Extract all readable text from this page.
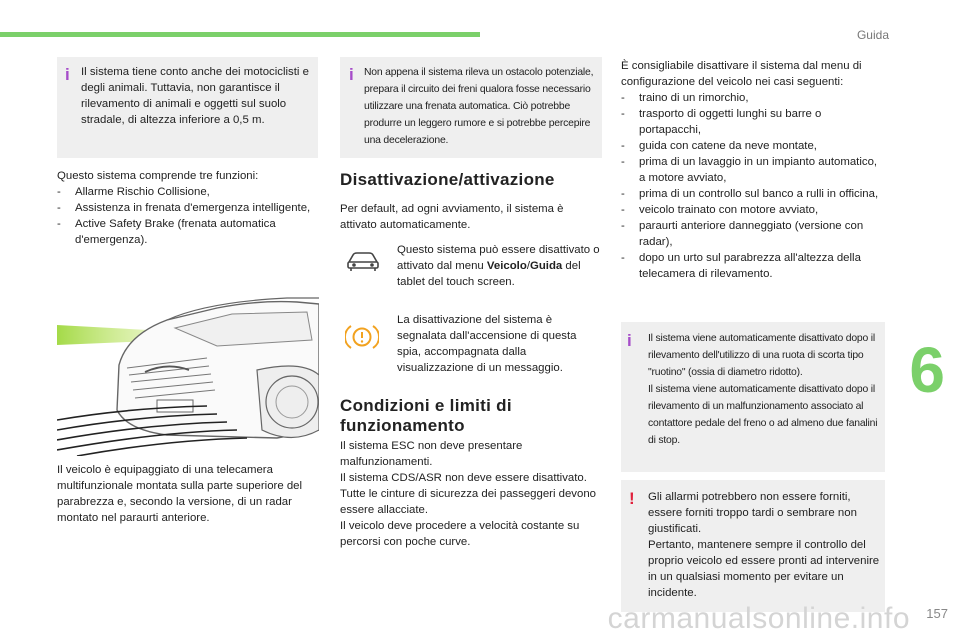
Guida
i Il sistema tiene conto anche dei motociclisti e degli animali. Tuttavia, non garantisce il rilevamento di animali e oggetti sul suolo stradale, di altezza inferiore a 0,5 m.
Questo sistema comprende tre funzioni:
- Allarme Rischio Collisione,
- Assistenza in frenata d'emergenza intelligente,
- Active Safety Brake (frenata automatica d'emergenza).
Il veicolo è equipaggiato di una telecamera multifunzionale montata sulla parte superiore del parabrezza e, secondo la versione, di un radar montato nel paraurti anteriore.
i Non appena il sistema rileva un ostacolo potenziale, prepara il circuito dei freni qualora fosse necessario utilizzare una frenata automatica. Ciò potrebbe produrre un leggero rumore e si potrebbe percepire una decelerazione.
Disattivazione/attivazione
Per default, ad ogni avviamento, il sistema è attivato automaticamente.
Questo sistema può essere disattivato o attivato dal menu Veicolo/Guida del tablet del touch screen.
La disattivazione del sistema è segnalata dall'accensione di questa spia, accompagnata dalla visualizzazione di un messaggio.
Condizioni e limiti di funzionamento
Il sistema ESC non deve presentare malfunzionamenti.
Il sistema CDS/ASR non deve essere disattivato.
Tutte le cinture di sicurezza dei passeggeri devono essere allacciate.
Il veicolo deve procedere a velocità costante su percorsi con poche curve.
È consigliabile disattivare il sistema dal menu di configurazione del veicolo nei casi seguenti:
- traino di un rimorchio,
- trasporto di oggetti lunghi su barre o portapacchi,
- guida con catene da neve montate,
- prima di un lavaggio in un impianto automatico, a motore avviato,
- prima di un controllo sul banco a rulli in officina,
- veicolo trainato con motore avviato,
- paraurti anteriore danneggiato (versione con radar),
- dopo un urto sul parabrezza all'altezza della telecamera di rilevamento.
i Il sistema viene automaticamente disattivato dopo il rilevamento dell'utilizzo di una ruota di scorta tipo "ruotino" (ossia di diametro ridotto).
Il sistema viene automaticamente disattivato dopo il rilevamento di un malfunzionamento associato al contattore pedale del freno o ad almeno due fanalini di stop.
! Gli allarmi potrebbero non essere forniti, essere forniti troppo tardi o sembrare non giustificati.
Pertanto, mantenere sempre il controllo del proprio veicolo ed essere pronti ad intervenire in un qualsiasi momento per evitare un incidente.
6
157
carmanualsonline.info
